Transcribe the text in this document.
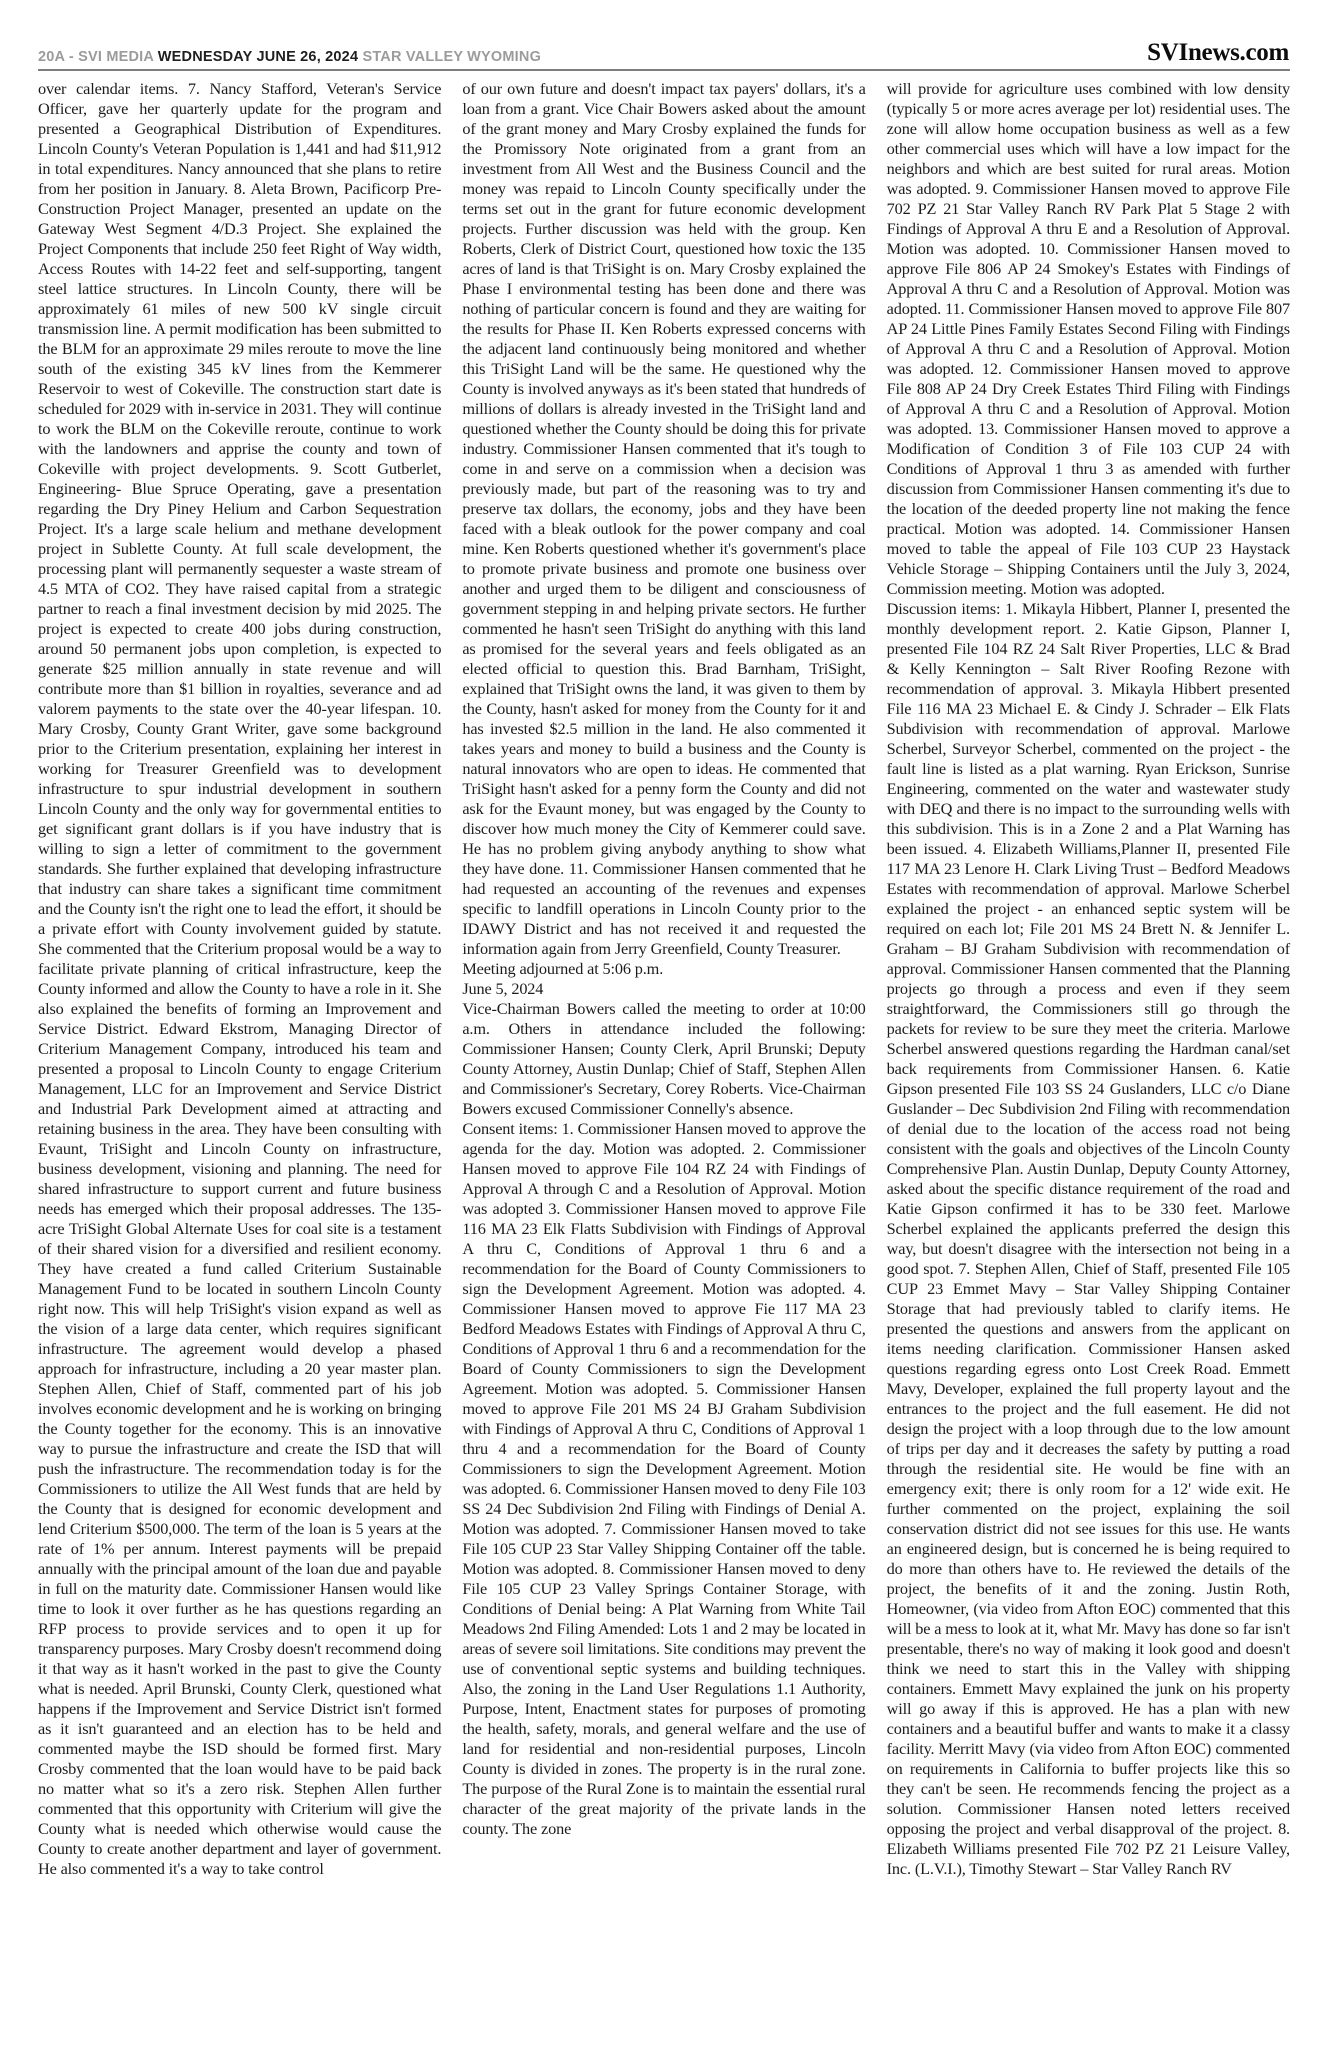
20A - SVI MEDIA WEDNESDAY JUNE 26, 2024 STAR VALLEY WYOMING	SVInews.com

over calendar items. 7. Nancy Stafford, Veteran's Service Officer, gave her quarterly update for the program and presented a Geographical Distribution of Expenditures. Lincoln County's Veteran Population is 1,441 and had $11,912 in total expenditures. Nancy announced that she plans to retire from her position in January. 8. Aleta Brown, Pacificorp Pre-Construction Project Manager, presented an update on the Gateway West Segment 4/D.3 Project. She explained the Project Components that include 250 feet Right of Way width, Access Routes with 14-22 feet and self-supporting, tangent steel lattice structures. In Lincoln County, there will be approximately 61 miles of new 500 kV single circuit transmission line. A permit modification has been submitted to the BLM for an approximate 29 miles reroute to move the line south of the existing 345 kV lines from the Kemmerer Reservoir to west of Cokeville. The construction start date is scheduled for 2029 with in-service in 2031. They will continue to work the BLM on the Cokeville reroute, continue to work with the landowners and apprise the county and town of Cokeville with project developments. 9. Scott Gutberlet, Engineering- Blue Spruce Operating, gave a presentation regarding the Dry Piney Helium and Carbon Sequestration Project. It's a large scale helium and methane development project in Sublette County. At full scale development, the processing plant will permanently sequester a waste stream of 4.5 MTA of CO2. They have raised capital from a strategic partner to reach a final investment decision by mid 2025. The project is expected to create 400 jobs during construction, around 50 permanent jobs upon completion, is expected to generate $25 million annually in state revenue and will contribute more than $1 billion in royalties, severance and ad valorem payments to the state over the 40-year lifespan. 10. Mary Crosby, County Grant Writer, gave some background prior to the Criterium presentation, explaining her interest in working for Treasurer Greenfield was to development infrastructure to spur industrial development in southern Lincoln County and the only way for governmental entities to get significant grant dollars is if you have industry that is willing to sign a letter of commitment to the government standards. She further explained that developing infrastructure that industry can share takes a significant time commitment and the County isn't the right one to lead the effort, it should be a private effort with County involvement guided by statute. She commented that the Criterium proposal would be a way to facilitate private planning of critical infrastructure, keep the County informed and allow the County to have a role in it. She also explained the benefits of forming an Improvement and Service District. Edward Ekstrom, Managing Director of Criterium Management Company, introduced his team and presented a proposal to Lincoln County to engage Criterium Management, LLC for an Improvement and Service District and Industrial Park Development aimed at attracting and retaining business in the area. They have been consulting with Evaunt, TriSight and Lincoln County on infrastructure, business development, visioning and planning. The need for shared infrastructure to support current and future business needs has emerged which their proposal addresses. The 135-acre TriSight Global Alternate Uses for coal site is a testament of their shared vision for a diversified and resilient economy. They have created a fund called Criterium Sustainable Management Fund to be located in southern Lincoln County right now. This will help TriSight's vision expand as well as the vision of a large data center, which requires significant infrastructure. The agreement would develop a phased approach for infrastructure, including a 20 year master plan. Stephen Allen, Chief of Staff, commented part of his job involves economic development and he is working on bringing the County together for the economy. This is an innovative way to pursue the infrastructure and create the ISD that will push the infrastructure. The recommendation today is for the Commissioners to utilize the All West funds that are held by the County that is designed for economic development and lend Criterium $500,000. The term of the loan is 5 years at the rate of 1% per annum. Interest payments will be prepaid annually with the principal amount of the loan due and payable in full on the maturity date. Commissioner Hansen would like time to look it over further as he has questions regarding an RFP process to provide services and to open it up for transparency purposes. Mary Crosby doesn't recommend doing it that way as it hasn't worked in the past to give the County what is needed. April Brunski, County Clerk, questioned what happens if the Improvement and Service District isn't formed as it isn't guaranteed and an election has to be held and commented maybe the ISD should be formed first. Mary Crosby commented that the loan would have to be paid back no matter what so it's a zero risk. Stephen Allen further commented that this opportunity with Criterium will give the County what is needed which otherwise would cause the County to create another department and layer of government. He also commented it's a way to take control

of our own future and doesn't impact tax payers' dollars, it's a loan from a grant. Vice Chair Bowers asked about the amount of the grant money and Mary Crosby explained the funds for the Promissory Note originated from a grant from an investment from All West and the Business Council and the money was repaid to Lincoln County specifically under the terms set out in the grant for future economic development projects. Further discussion was held with the group. Ken Roberts, Clerk of District Court, questioned how toxic the 135 acres of land is that TriSight is on. Mary Crosby explained the Phase I environmental testing has been done and there was nothing of particular concern is found and they are waiting for the results for Phase II. Ken Roberts expressed concerns with the adjacent land continuously being monitored and whether this TriSight Land will be the same. He questioned why the County is involved anyways as it's been stated that hundreds of millions of dollars is already invested in the TriSight land and questioned whether the County should be doing this for private industry. Commissioner Hansen commented that it's tough to come in and serve on a commission when a decision was previously made, but part of the reasoning was to try and preserve tax dollars, the economy, jobs and they have been faced with a bleak outlook for the power company and coal mine. Ken Roberts questioned whether it's government's place to promote private business and promote one business over another and urged them to be diligent and consciousness of government stepping in and helping private sectors. He further commented he hasn't seen TriSight do anything with this land as promised for the several years and feels obligated as an elected official to question this. Brad Barnham, TriSight, explained that TriSight owns the land, it was given to them by the County, hasn't asked for money from the County for it and has invested $2.5 million in the land. He also commented it takes years and money to build a business and the County is natural innovators who are open to ideas. He commented that TriSight hasn't asked for a penny form the County and did not ask for the Evaunt money, but was engaged by the County to discover how much money the City of Kemmerer could save. He has no problem giving anybody anything to show what they have done. 11. Commissioner Hansen commented that he had requested an accounting of the revenues and expenses specific to landfill operations in Lincoln County prior to the IDAWY District and has not received it and requested the information again from Jerry Greenfield, County Treasurer.

Meeting adjourned at 5:06 p.m.

June 5, 2024

Vice-Chairman Bowers called the meeting to order at 10:00 a.m. Others in attendance included the following: Commissioner Hansen; County Clerk, April Brunski; Deputy County Attorney, Austin Dunlap; Chief of Staff, Stephen Allen and Commissioner's Secretary, Corey Roberts. Vice-Chairman Bowers excused Commissioner Connelly's absence.

Consent items: 1. Commissioner Hansen moved to approve the agenda for the day. Motion was adopted. 2. Commissioner Hansen moved to approve File 104 RZ 24 with Findings of Approval A through C and a Resolution of Approval. Motion was adopted 3. Commissioner Hansen moved to approve File 116 MA 23 Elk Flatts Subdivision with Findings of Approval A thru C, Conditions of Approval 1 thru 6 and a recommendation for the Board of County Commissioners to sign the Development Agreement. Motion was adopted. 4. Commissioner Hansen moved to approve Fie 117 MA 23 Bedford Meadows Estates with Findings of Approval A thru C, Conditions of Approval 1 thru 6 and a recommendation for the Board of County Commissioners to sign the Development Agreement. Motion was adopted. 5. Commissioner Hansen moved to approve File 201 MS 24 BJ Graham Subdivision with Findings of Approval A thru C, Conditions of Approval 1 thru 4 and a recommendation for the Board of County Commissioners to sign the Development Agreement. Motion was adopted. 6. Commissioner Hansen moved to deny File 103 SS 24 Dec Subdivision 2nd Filing with Findings of Denial A. Motion was adopted. 7. Commissioner Hansen moved to take File 105 CUP 23 Star Valley Shipping Container off the table. Motion was adopted. 8. Commissioner Hansen moved to deny File 105 CUP 23 Valley Springs Container Storage, with Conditions of Denial being: A Plat Warning from White Tail Meadows 2nd Filing Amended: Lots 1 and 2 may be located in areas of severe soil limitations. Site conditions may prevent the use of conventional septic systems and building techniques. Also, the zoning in the Land User Regulations 1.1 Authority, Purpose, Intent, Enactment states for purposes of promoting the health, safety, morals, and general welfare and the use of land for residential and non-residential purposes, Lincoln County is divided in zones. The property is in the rural zone. The purpose of the Rural Zone is to maintain the essential rural character of the great majority of the private lands in the county. The zone

will provide for agriculture uses combined with low density (typically 5 or more acres average per lot) residential uses. The zone will allow home occupation business as well as a few other commercial uses which will have a low impact for the neighbors and which are best suited for rural areas. Motion was adopted. 9. Commissioner Hansen moved to approve File 702 PZ 21 Star Valley Ranch RV Park Plat 5 Stage 2 with Findings of Approval A thru E and a Resolution of Approval. Motion was adopted. 10. Commissioner Hansen moved to approve File 806 AP 24 Smokey's Estates with Findings of Approval A thru C and a Resolution of Approval. Motion was adopted. 11. Commissioner Hansen moved to approve File 807 AP 24 Little Pines Family Estates Second Filing with Findings of Approval A thru C and a Resolution of Approval. Motion was adopted. 12. Commissioner Hansen moved to approve File 808 AP 24 Dry Creek Estates Third Filing with Findings of Approval A thru C and a Resolution of Approval. Motion was adopted. 13. Commissioner Hansen moved to approve a Modification of Condition 3 of File 103 CUP 24 with Conditions of Approval 1 thru 3 as amended with further discussion from Commissioner Hansen commenting it's due to the location of the deeded property line not making the fence practical. Motion was adopted. 14. Commissioner Hansen moved to table the appeal of File 103 CUP 23 Haystack Vehicle Storage – Shipping Containers until the July 3, 2024, Commission meeting. Motion was adopted.

Discussion items: 1. Mikayla Hibbert, Planner I, presented the monthly development report. 2. Katie Gipson, Planner I, presented File 104 RZ 24 Salt River Properties, LLC & Brad & Kelly Kennington – Salt River Roofing Rezone with recommendation of approval. 3. Mikayla Hibbert presented File 116 MA 23 Michael E. & Cindy J. Schrader – Elk Flats Subdivision with recommendation of approval. Marlowe Scherbel, Surveyor Scherbel, commented on the project - the fault line is listed as a plat warning. Ryan Erickson, Sunrise Engineering, commented on the water and wastewater study with DEQ and there is no impact to the surrounding wells with this subdivision. This is in a Zone 2 and a Plat Warning has been issued. 4. Elizabeth Williams,Planner II, presented File 117 MA 23 Lenore H. Clark Living Trust – Bedford Meadows Estates with recommendation of approval. Marlowe Scherbel explained the project - an enhanced septic system will be required on each lot; File 201 MS 24 Brett N. & Jennifer L. Graham – BJ Graham Subdivision with recommendation of approval. Commissioner Hansen commented that the Planning projects go through a process and even if they seem straightforward, the Commissioners still go through the packets for review to be sure they meet the criteria. Marlowe Scherbel answered questions regarding the Hardman canal/set back requirements from Commissioner Hansen. 6. Katie Gipson presented File 103 SS 24 Guslanders, LLC c/o Diane Guslander – Dec Subdivision 2nd Filing with recommendation of denial due to the location of the access road not being consistent with the goals and objectives of the Lincoln County Comprehensive Plan. Austin Dunlap, Deputy County Attorney, asked about the specific distance requirement of the road and Katie Gipson confirmed it has to be 330 feet. Marlowe Scherbel explained the applicants preferred the design this way, but doesn't disagree with the intersection not being in a good spot. 7. Stephen Allen, Chief of Staff, presented File 105 CUP 23 Emmet Mavy – Star Valley Shipping Container Storage that had previously tabled to clarify items. He presented the questions and answers from the applicant on items needing clarification. Commissioner Hansen asked questions regarding egress onto Lost Creek Road. Emmett Mavy, Developer, explained the full property layout and the entrances to the project and the full easement. He did not design the project with a loop through due to the low amount of trips per day and it decreases the safety by putting a road through the residential site. He would be fine with an emergency exit; there is only room for a 12' wide exit. He further commented on the project, explaining the soil conservation district did not see issues for this use. He wants an engineered design, but is concerned he is being required to do more than others have to. He reviewed the details of the project, the benefits of it and the zoning. Justin Roth, Homeowner, (via video from Afton EOC) commented that this will be a mess to look at it, what Mr. Mavy has done so far isn't presentable, there's no way of making it look good and doesn't think we need to start this in the Valley with shipping containers. Emmett Mavy explained the junk on his property will go away if this is approved. He has a plan with new containers and a beautiful buffer and wants to make it a classy facility. Merritt Mavy (via video from Afton EOC) commented on requirements in California to buffer projects like this so they can't be seen. He recommends fencing the project as a solution. Commissioner Hansen noted letters received opposing the project and verbal disapproval of the project. 8. Elizabeth Williams presented File 702 PZ 21 Leisure Valley, Inc. (L.V.I.), Timothy Stewart – Star Valley Ranch RV
